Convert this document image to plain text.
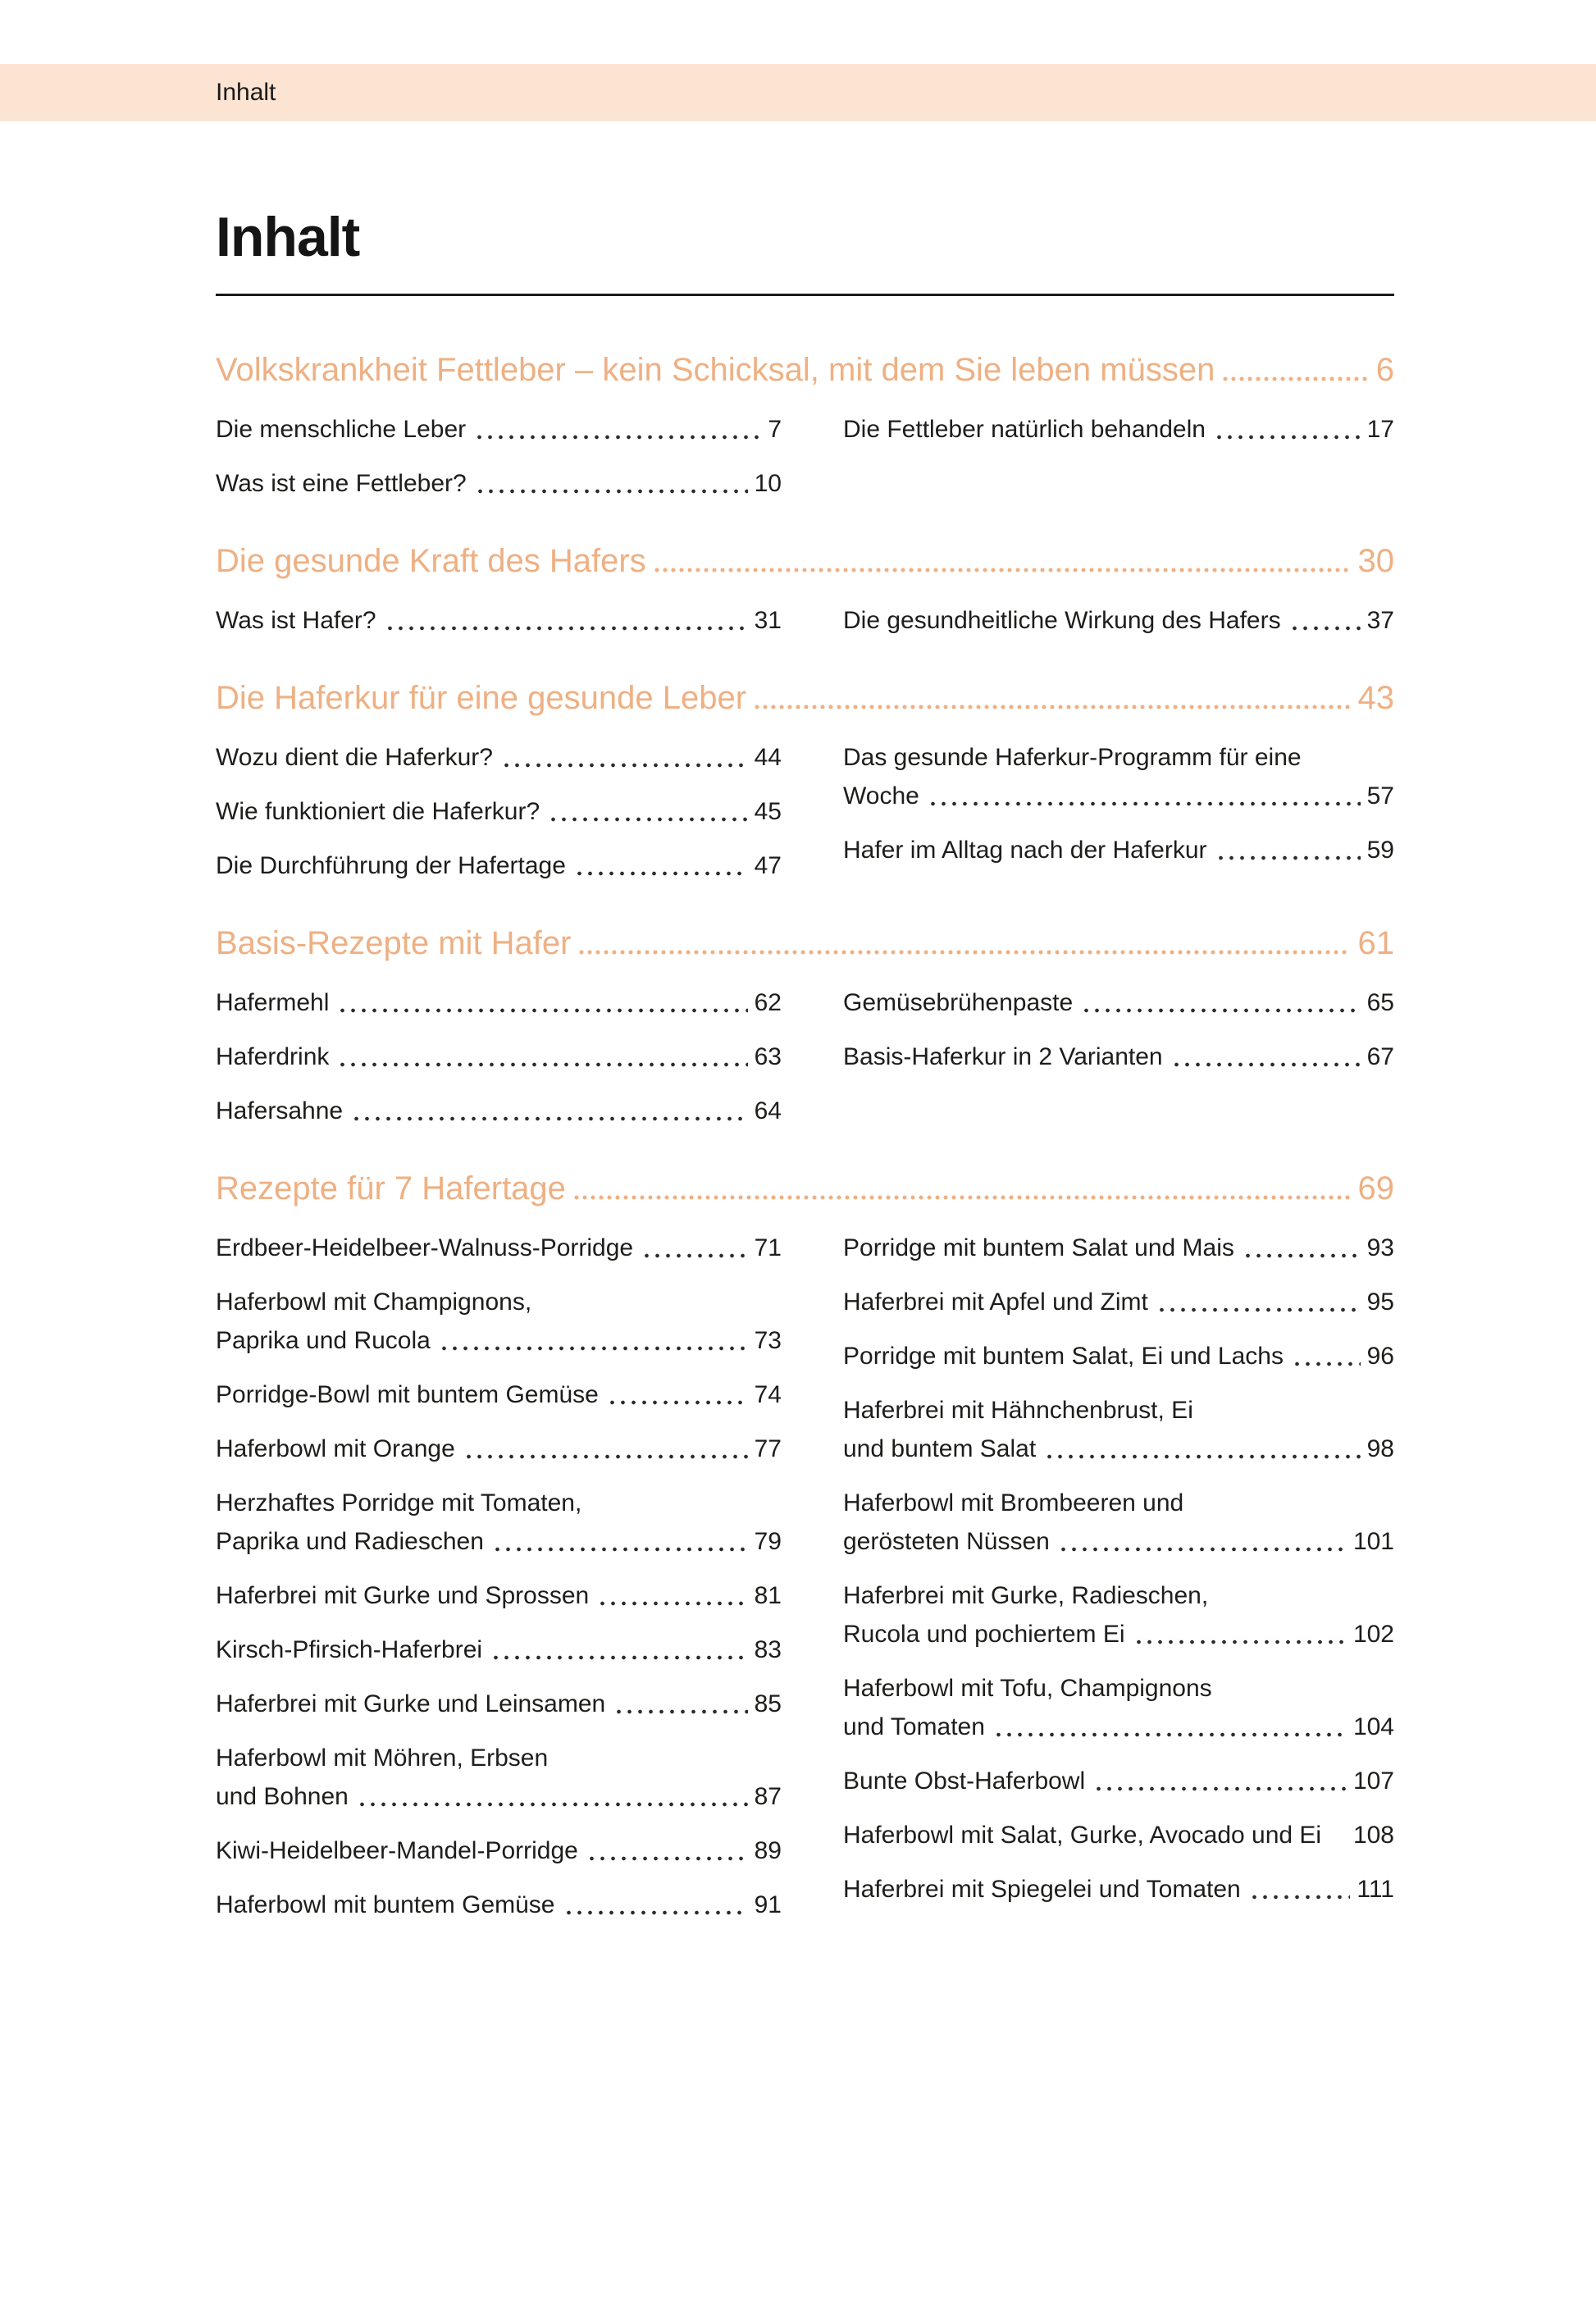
Inhalt
Inhalt
Volkskrankheit Fettleber – kein Schicksal, mit dem Sie leben müssen	6
Die menschliche Leber	7
Was ist eine Fettleber?	10
Die Fettleber natürlich behandeln	17
Die gesunde Kraft des Hafers	30
Was ist Hafer?	31	Die gesundheitliche Wirkung des Hafers	37
Die Haferkur für eine gesunde Leber	43
Wozu dient die Haferkur?	44
Wie funktioniert die Haferkur?	45
Die Durchführung der Hafertage	47
Das gesunde Haferkur-Programm für eine
Woche	57
Hafer im Alltag nach der Haferkur	59
Basis-Rezepte mit Hafer	61
Hafermehl	62
Haferdrink	63
Hafersahne	64
Gemüsebrühenpaste	65
Basis-Haferkur in 2 Varianten	67
Rezepte für 7 Hafertage	69
Erdbeer-Heidelbeer-Walnuss-Porridge	71
Haferbowl mit Champignons,
Paprika und Rucola	73
Porridge-Bowl mit buntem Gemüse	74
Haferbowl mit Orange	77
Herzhaftes Porridge mit Tomaten,
Paprika und Radieschen	79
Haferbrei mit Gurke und Sprossen	81
Kirsch-Pfirsich-Haferbrei	83
Haferbrei mit Gurke und Leinsamen	85
Haferbowl mit Möhren, Erbsen
und Bohnen	87
Kiwi-Heidelbeer-Mandel-Porridge	89
Haferbowl mit buntem Gemüse	91
Porridge mit buntem Salat und Mais	93
Haferbrei mit Apfel und Zimt	95
Porridge mit buntem Salat, Ei und Lachs	96
Haferbrei mit Hähnchenbrust, Ei
und buntem Salat	98
Haferbowl mit Brombeeren und
gerösteten Nüssen	101
Haferbrei mit Gurke, Radieschen,
Rucola und pochiertem Ei	102
Haferbowl mit Tofu, Champignons
und Tomaten	104
Bunte Obst-Haferbowl	107
Haferbowl mit Salat, Gurke, Avocado und Ei 108
Haferbrei mit Spiegelei und Tomaten	111
